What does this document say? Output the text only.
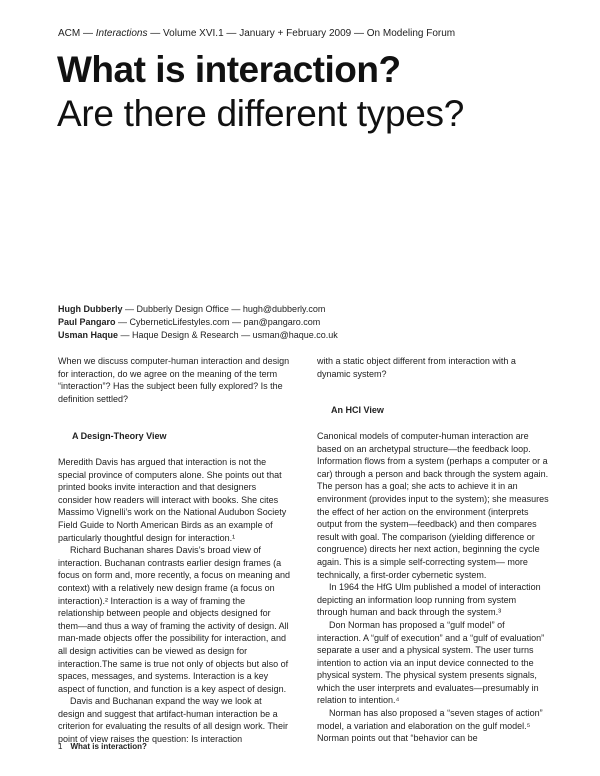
ACM — Interactions — Volume XVI.1 — January + February 2009 — On Modeling Forum
What is interaction?
Are there different types?
Hugh Dubberly — Dubberly Design Office — hugh@dubberly.com
Paul Pangaro — CyberneticLifestyles.com — pan@pangaro.com
Usman Haque — Haque Design & Research — usman@haque.co.uk

When we discuss computer-human interaction and design for interaction, do we agree on the meaning of the term “interaction”? Has the subject been fully explored? Is the definition settled?

A Design-Theory View

Meredith Davis has argued that interaction is not the special province of computers alone. She points out that printed books invite interaction and that designers consider how readers will interact with books. She cites Massimo Vignelli’s work on the National Audubon Society Field Guide to North American Birds as an example of particularly thoughtful design for interaction.¹

Richard Buchanan shares Davis’s broad view of interaction. Buchanan contrasts earlier design frames (a focus on form and, more recently, a focus on meaning and context) with a relatively new design frame (a focus on interaction).² Interaction is a way of framing the relationship between people and objects designed for them—and thus a way of framing the activity of design. All man-made objects offer the possibility for interaction, and all design activities can be viewed as design for interaction.The same is true not only of objects but also of spaces, messages, and systems. Interaction is a key aspect of function, and function is a key aspect of design.

Davis and Buchanan expand the way we look at design and suggest that artifact-human interaction be a criterion for evaluating the results of all design work. Their point of view raises the question: Is interaction

with a static object different from interaction with a dynamic system?

An HCI View

Canonical models of computer-human interaction are based on an archetypal structure—the feedback loop. Information flows from a system (perhaps a computer or a car) through a person and back through the system again. The person has a goal; she acts to achieve it in an environment (provides input to the system); she measures the effect of her action on the environment (interprets output from the system—feedback) and then compares result with goal. The comparison (yielding difference or congruence) directs her next action, beginning the cycle again. This is a simple self-correcting system— more technically, a first-order cybernetic system.

In 1964 the HfG Ulm published a model of interaction depicting an information loop running from system through human and back through the system.³

Don Norman has proposed a “gulf model” of interaction. A “gulf of execution” and a “gulf of evaluation” separate a user and a physical system. The user turns intention to action via an input device connected to the physical system. The physical system presents signals, which the user interprets and evaluates—presumably in relation to intention.⁴

Norman has also proposed a “seven stages of action” model, a variation and elaboration on the gulf model.⁵ Norman points out that “behavior can be

1 What is interaction?
